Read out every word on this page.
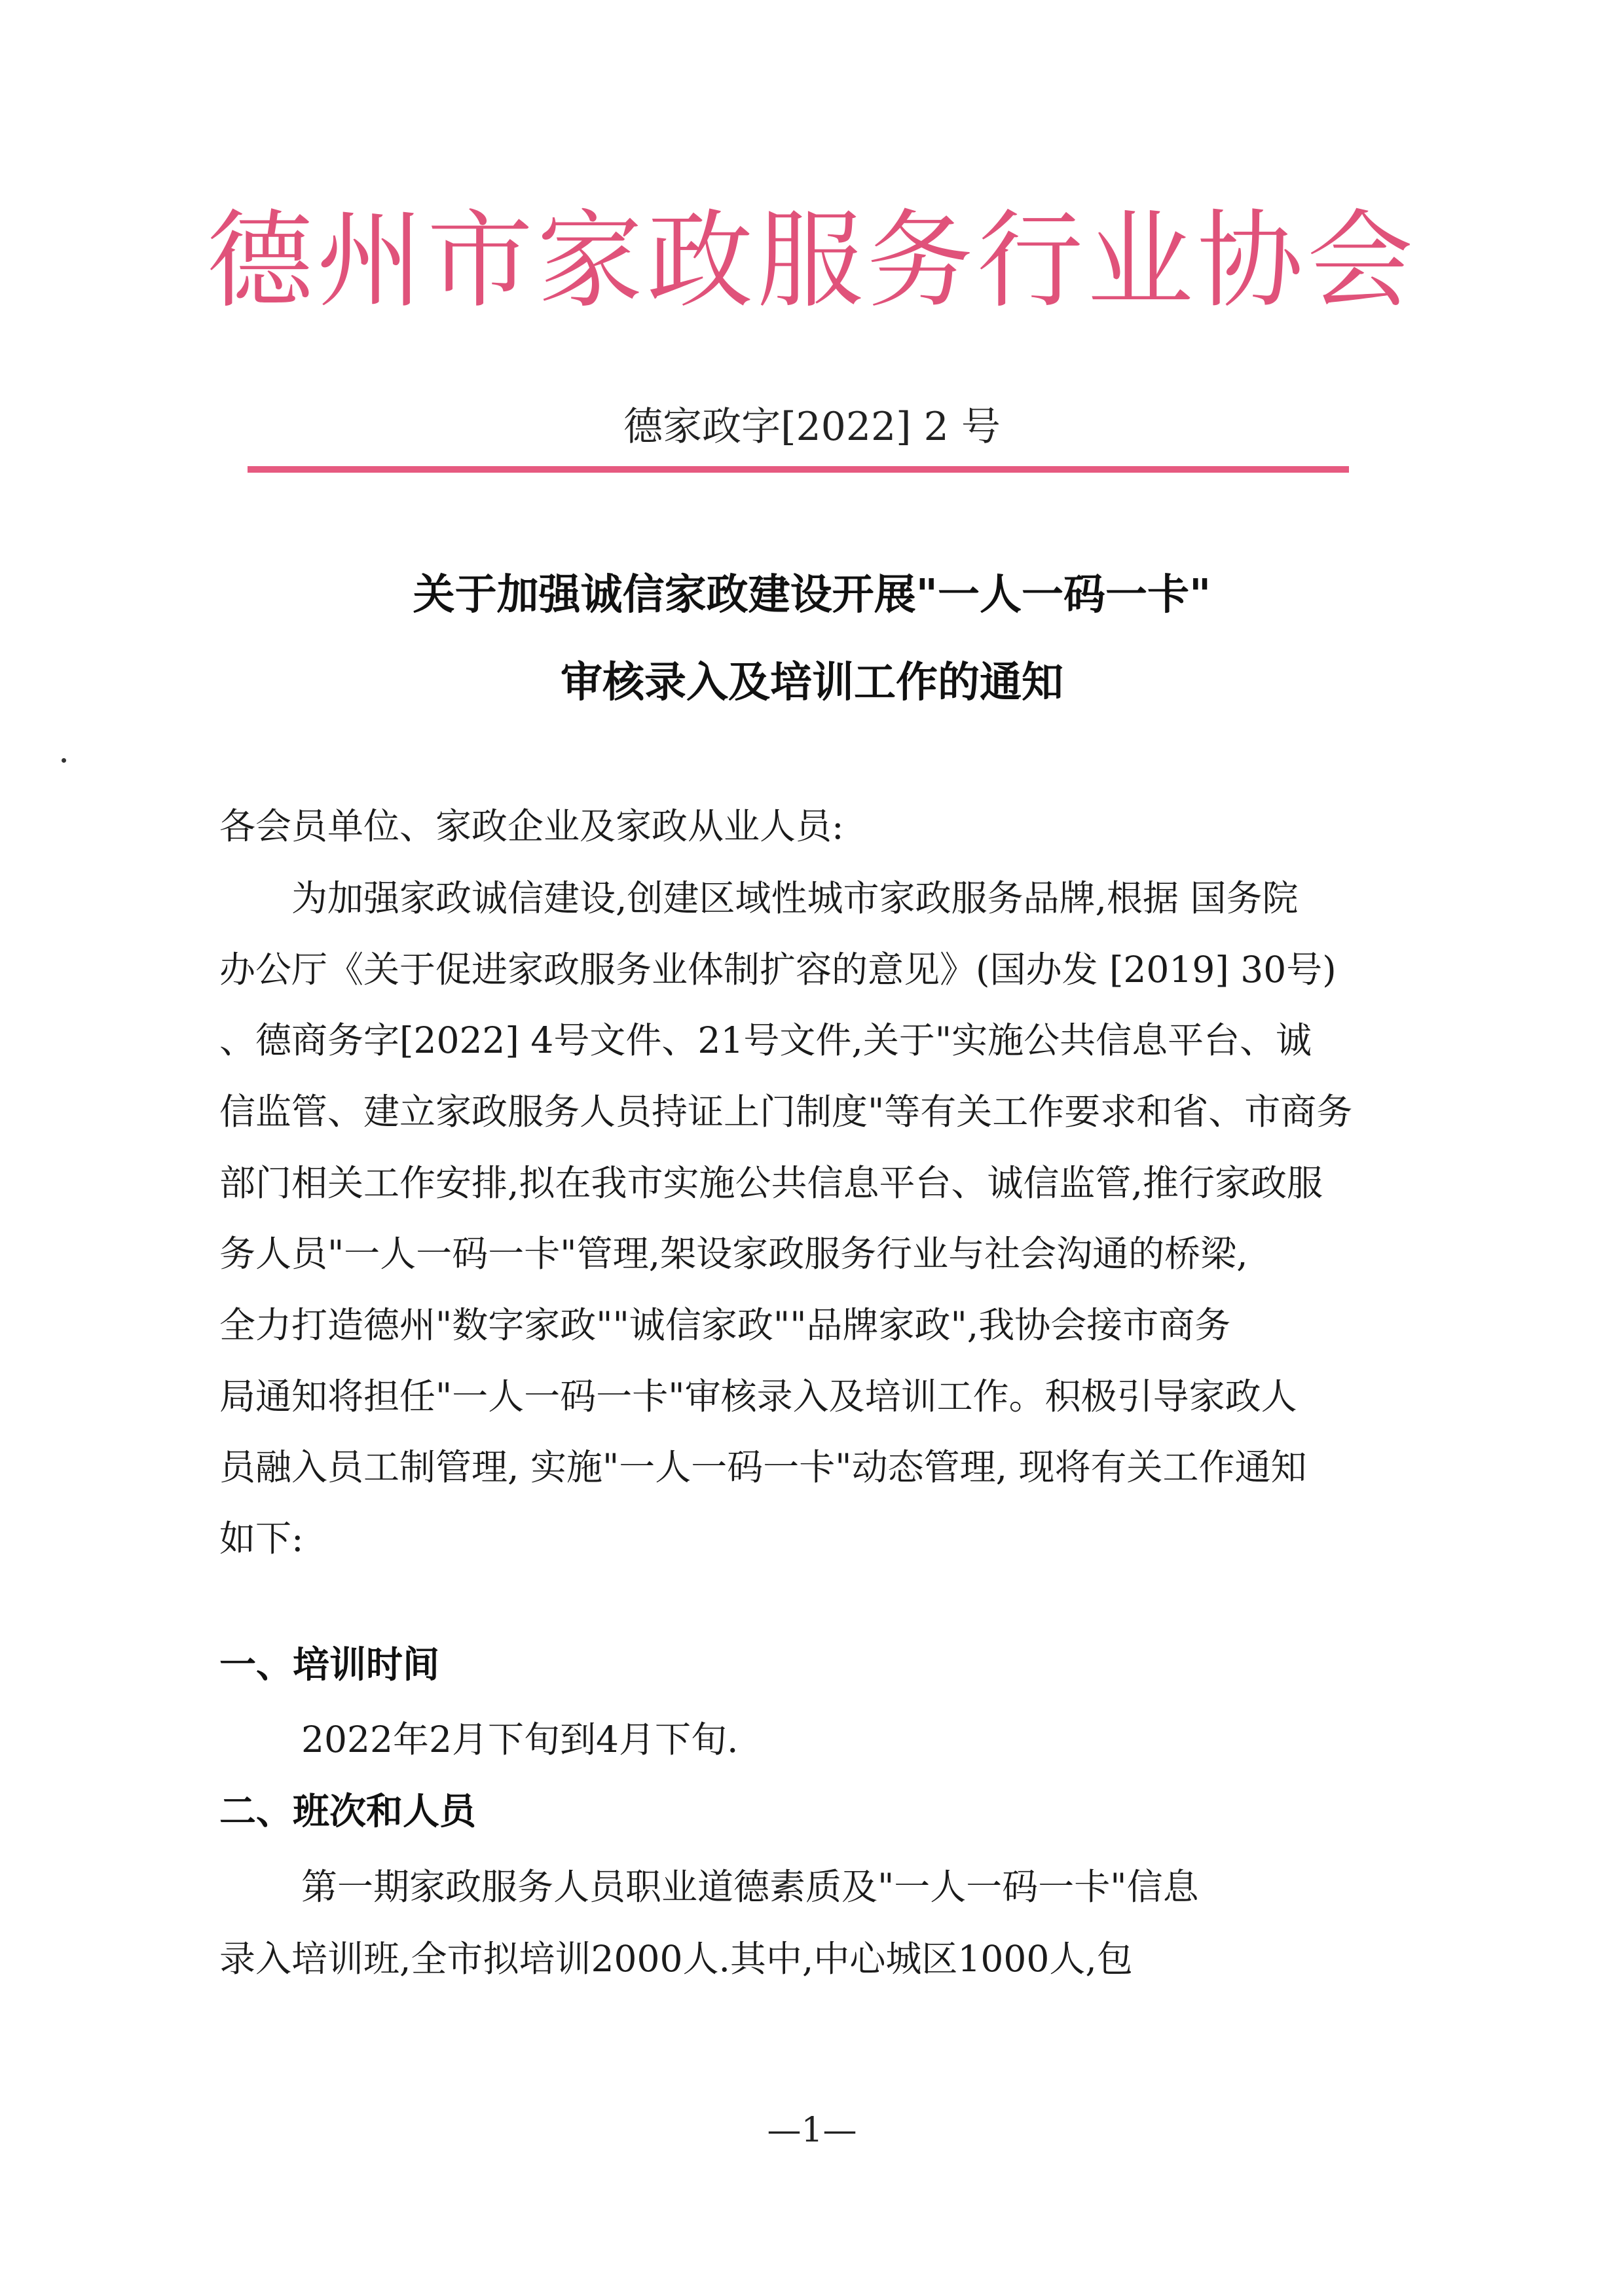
德州市家政服务行业协会
德家政字[2022] 2 号
关于加强诚信家政建设开展"一人一码一卡"
审核录入及培训工作的通知
各会员单位、家政企业及家政从业人员:
为加强家政诚信建设,创建区域性城市家政服务品牌,根据 国务院
办公厅《关于促进家政服务业体制扩容的意见》(国办发 [2019] 30号)
、德商务字[2022] 4号文件、21号文件,关于"实施公共信息平台、诚
信监管、建立家政服务人员持证上门制度"等有关工作要求和省、市商务
部门相关工作安排,拟在我市实施公共信息平台、诚信监管,推行家政服
务人员"一人一码一卡"管理,架设家政服务行业与社会沟通的桥梁,
全力打造德州"数字家政""诚信家政""品牌家政",我协会接市商务
局通知将担任"一人一码一卡"审核录入及培训工作。积极引导家政人
员融入员工制管理, 实施"一人一码一卡"动态管理, 现将有关工作通知
如下:
一、培训时间
2022年2月下旬到4月下旬.
二、班次和人员
第一期家政服务人员职业道德素质及"一人一码一卡"信息
录入培训班,全市拟培训2000人.其中,中心城区1000人,包
—1—
